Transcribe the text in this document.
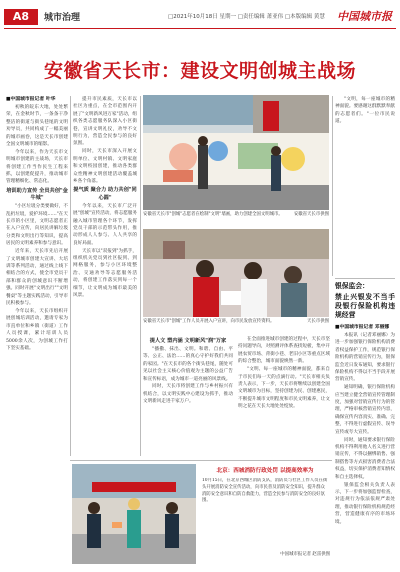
A8	城市治理	□2021年10月18日 星期一 □责任编辑 萧亚伟 □本版编辑 黄慧 中国城市报
安徽省天长市：建设文明创城主战场

■中国城市报记者 叶华

初秋的皖东大地，处处繁荣，在金秋时节，一条条干净整洁的街道与街头巷尾的文明劝导员，共同构成了一幅美丽的城市画卷，这是天长市创建全国文明城市的缩影。

今年以来，作为天长市文明城市创建的主战场，天长市将创建工作当作民生工程来抓，以创建促提升，推动城市管理精细化、常态化。

培训助力宣传 全员共创"金牛城"

"小区垃圾分类要做好，不乱扔垃圾，爱护环境……"在天长市的小区里，文明志愿者正在入户宣传，向居民讲解垃圾分类和文明出行等知识，提高居民的文明素养和参与意识。

近年来，天长市先后开展了文明城市创建大宣讲、大培训等系列活动，通过线上线下相结合的方式，使全市党员干部和群众的创城意识不断增强。同时开展"文明出行""文明餐桌"等主题实践活动，引导市民积极参与。

今年以来，天长市组织开展创城培训活动，邀请专家为市直单位和乡镇（街道）工作人员授课，累计培训人员5000余人次，为创城工作打下坚实基础。

提升市民素质，天长市以社区为重点，在全市范围内开展了"文明新风进万家"活动，组织各类志愿服务队深入小区街巷，宣讲文明礼仪，劝导不文明行为，营造全民参与的良好氛围。

同时，天长市深入开展文明单位、文明村镇、文明家庭和文明校园创建，推动各类群众性精神文明创建活动覆盖城乡各个角落。

提气质 聚合力 助力共创"同心圆"

今年以来，天长市广泛开展"创城"宣传活动，将志愿服务融入城市管理各个环节，发挥党员干部的示范带头作用，推动形成人人参与、人人共享的良好局面。

天长市以"双报到"为抓手，组织机关党员到社区报到、到网格服务，参与小区环境整治、交通劝导等志愿服务活动，将创建工作落实到每一个细节，让文明成为城市最美的风景。

安徽省天长市"创城"志愿者在绘制"文明"墙画，助力创建全国文明城市。	安徽省天长市供图
安徽省天长市"创城"工作人员开展入户宣讲，向市民发放宣传资料。	天长市供图

提人文 塑内涵 文明新风"润"万家

"播撒、抹出、文明。和谐、自由、平等、公正、法治……的真心守护好我们共同的家园。"在天长市的各个街头巷尾，随处可见以社会主义核心价值观为主题的公益广告和宣传标语，成为城市一道亮丽的风景线。

同时，天长市将创建工作与乡村振兴有机结合，以文明实践中心建设为抓手，推动文明新风走进千家万户。

在全面推进城市创建的过程中，天长市坚持问题导向，对照测评体系查找短板，集中开展农贸市场、背街小巷、老旧小区等重点区域的综合整治，城市面貌焕然一新。

"文明、每一座城市的精神面貌，都来自于市民们每一天的点滴行动。"天长市相关负责人表示，下一步，天长市将继续以创建全国文明城市为目标，坚持创建为民、创建惠民，不断提升城市文明程度和市民文明素养，让文明之花在天长大地处处绽放。

"文明，每一座城市的精神面貌。要感谢这群默默奉献的志愿者们。"一位市民说道。

银保监会：
禁止兴银发不当手段银行保险机构违规经营

■中国城市报记者 邓丽娜

本报讯（记者邓丽娜）为进一步加强银行保险机构消费者权益保护工作，规范银行保险机构的营销宣传行为，银保监会近日发布通知，要求银行保险机构不得以不当手段开展营销宣传。

通知明确，银行保险机构应当建立健全营销宣传管理制度，加强对营销宣传行为的管理，严格审核营销宣传内容，确保宣传内容真实、准确、完整，不得进行虚假宣传、误导宣传或夸大宣传。

同时，通知要求银行保险机构不得利用他人名义进行营销宣传，不得以捆绑销售、强制搭售等方式损害消费者合法权益，切实保护消费者知情权和自主选择权。

银保监会相关负责人表示，下一步将加强监督检查，对违规行为依法依规严肃处理，推动银行保险机构规范经营，营造健康有序的市场环境。

北京：西城消防行政处罚 以提高效率为
10月15日，在北京西城区消防支队，消防员与社区工作人员在街头开展消防安全宣传活动，向市民普及消防安全知识，提升群众消防安全意识和自防自救能力，营造全民参与消防安全的良好氛围。
中国城市报记者 赵雷供图
